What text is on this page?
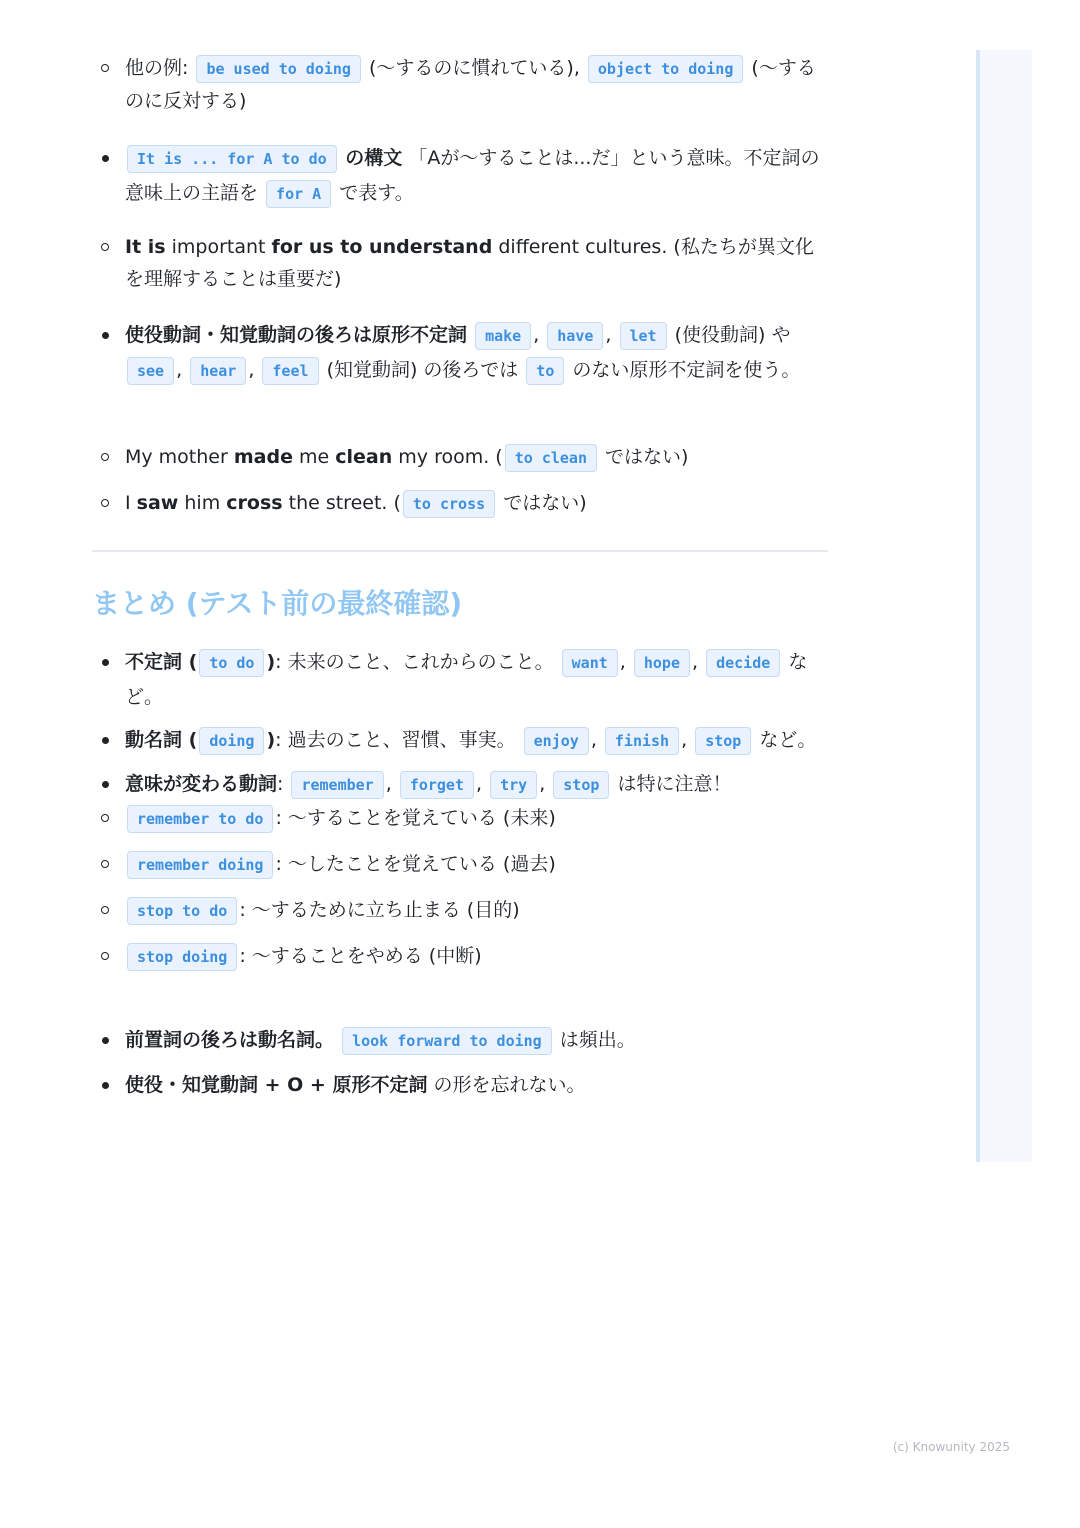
他の例: be used to doing (〜するのに慣れている), object to doing (〜するのに反対する)
It is ... for A to do の構文 「Aが〜することは...だ」という意味。不定詞の意味上の主語を for A で表す。
It is important for us to understand different cultures. (私たちが異文化を理解することは重要だ)
使役動詞・知覚動詞の後ろは原形不定詞 make , have , let (使役動詞) や see , hear , feel (知覚動詞) の後ろでは to のない原形不定詞を使う。
My mother made me clean my room. ( to clean ではない)
I saw him cross the street. ( to cross ではない)
まとめ (テスト前の最終確認)
不定詞 ( to do ): 未来のこと、これからのこと。 want , hope , decide など。
動名詞 ( doing ): 過去のこと、習慣、事実。 enjoy , finish , stop など。
意味が変わる動詞: remember , forget , try , stop は特に注意！
remember to do : 〜することを覚えている (未来)
remember doing : 〜したことを覚えている (過去)
stop to do : 〜するために立ち止まる (目的)
stop doing : 〜することをやめる (中断)
前置詞の後ろは動名詞。 look forward to doing は頻出。
使役・知覚動詞 + O + 原形不定詞 の形を忘れない。
(c) Knowunity 2025
